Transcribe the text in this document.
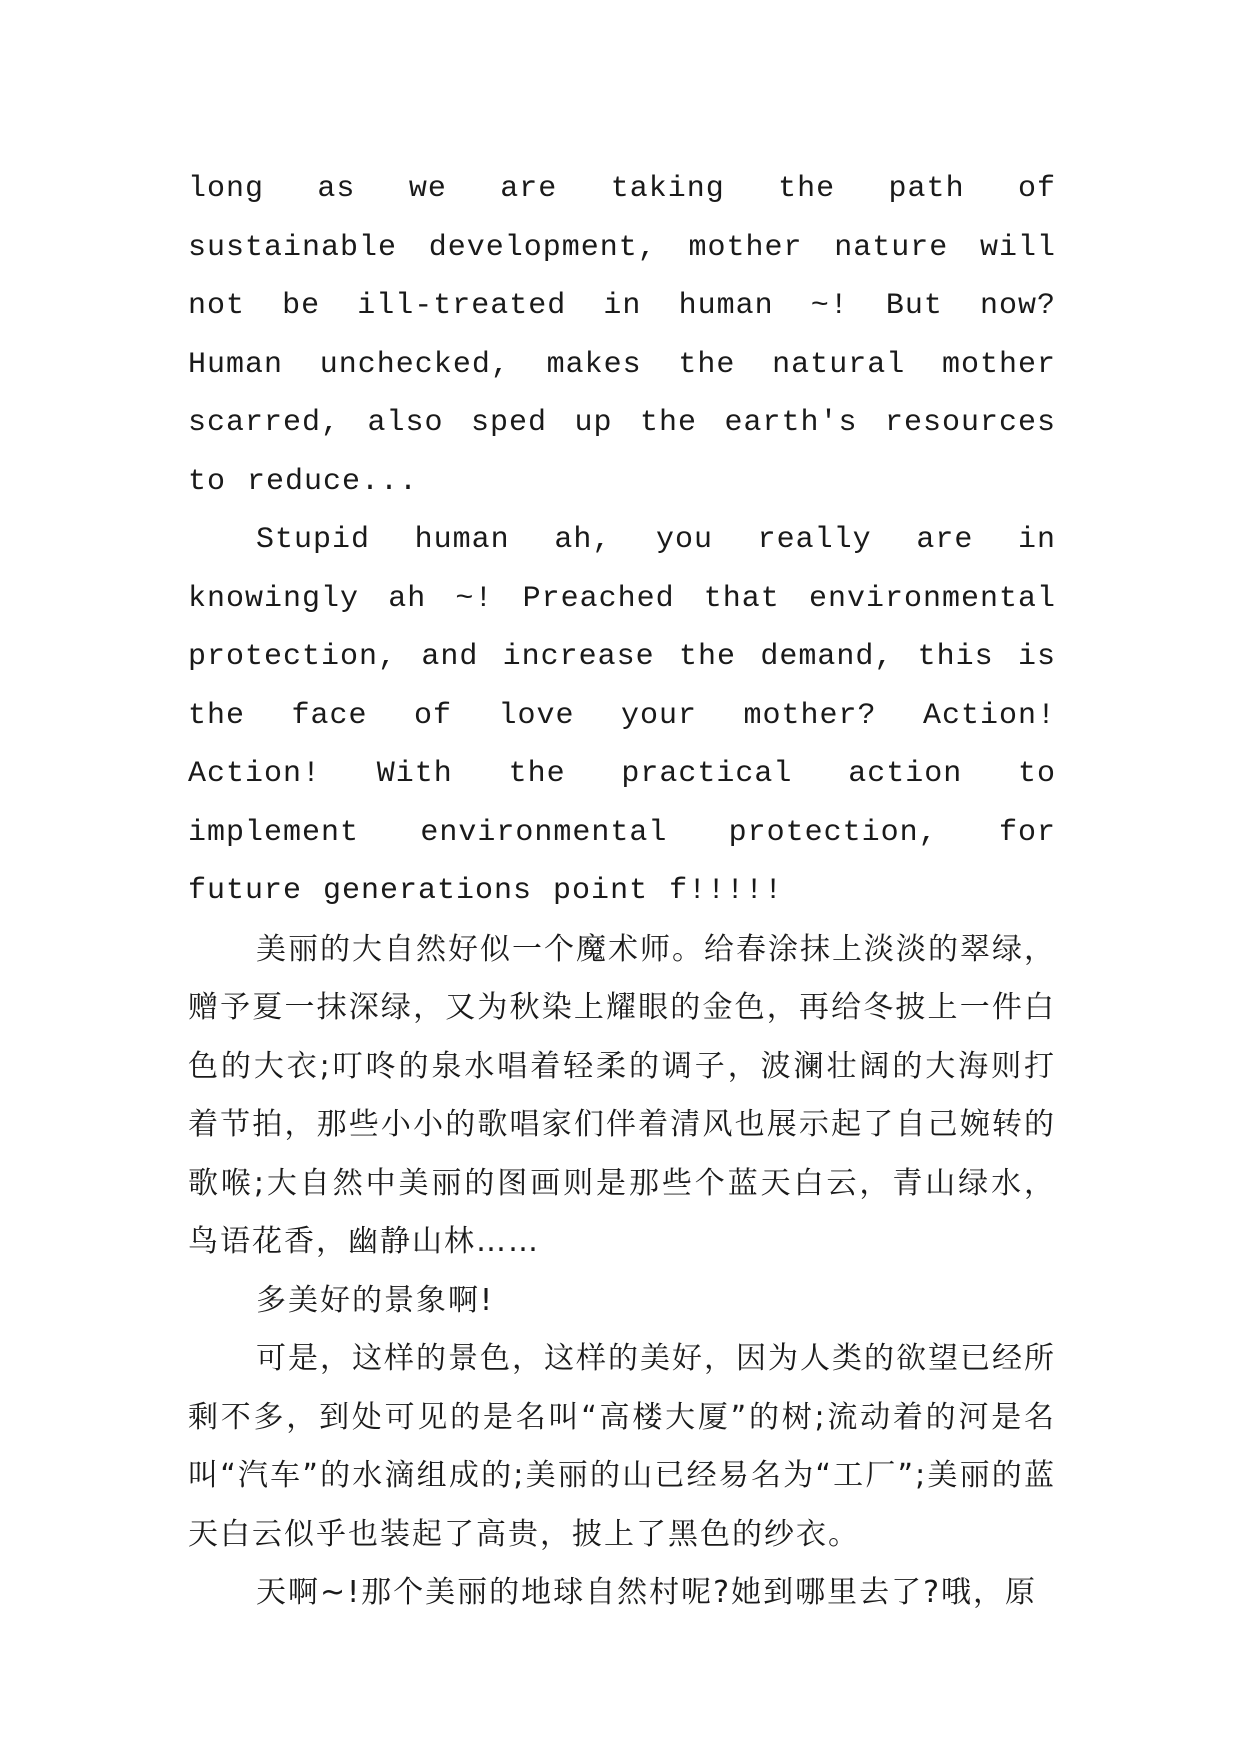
long as we are taking the path of sustainable development, mother nature will not be ill-treated in human ~! But now? Human unchecked, makes the natural mother scarred, also sped up the earth's resources to reduce...

Stupid human ah, you really are in knowingly ah ~! Preached that environmental protection, and increase the demand, this is the face of love your mother? Action! Action! With the practical action to implement environmental protection, for future generations point f!!!!!

美丽的大自然好似一个魔术师。给春涂抹上淡淡的翠绿，赠予夏一抹深绿，又为秋染上耀眼的金色，再给冬披上一件白色的大衣;叮咚的泉水唱着轻柔的调子，波澜壮阔的大海则打着节拍，那些小小的歌唱家们伴着清风也展示起了自己婉转的歌喉;大自然中美丽的图画则是那些个蓝天白云，青山绿水，鸟语花香，幽静山林……

多美好的景象啊!

可是，这样的景色，这样的美好，因为人类的欲望已经所剩不多，到处可见的是名叫“高楼大厦”的树;流动着的河是名叫“汽车”的水滴组成的;美丽的山已经易名为“工厂”;美丽的蓝天白云似乎也装起了高贵，披上了黑色的纱衣。

天啊~!那个美丽的地球自然村呢?她到哪里去了?哦，原
